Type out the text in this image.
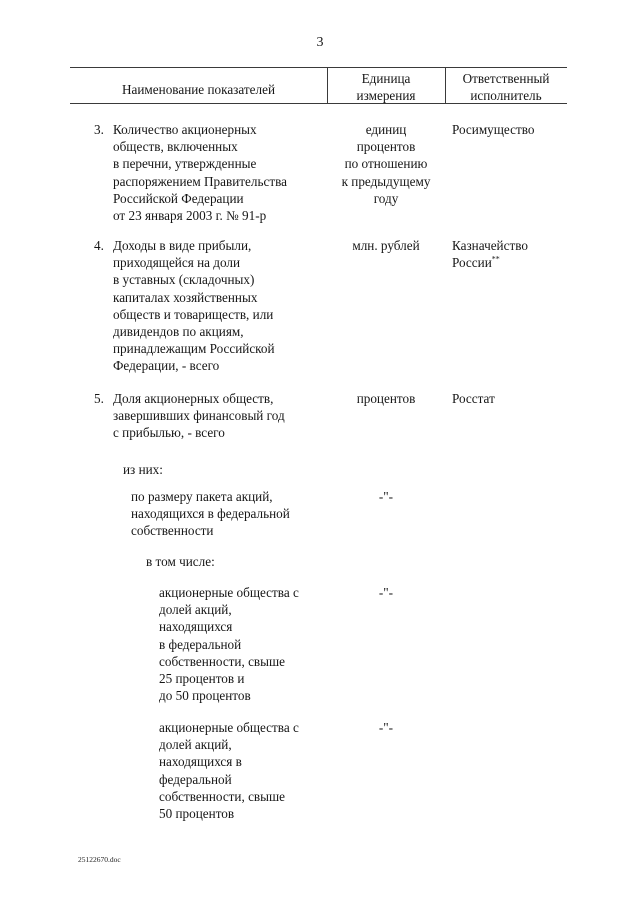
3
Наименование показателей
Единица
измерения
Ответственный
исполнитель
3. Количество акционерных
обществ, включенных
в перечни, утвержденные
распоряжением Правительства
Российской Федерации
от 23 января 2003 г. № 91-р
единиц
процентов
по отношению
к предыдущему
году
Росимущество
4. Доходы в виде прибыли,
приходящейся на доли
в уставных (складочных)
капиталах хозяйственных
обществ и товариществ, или
дивидендов по акциям,
принадлежащим Российской
Федерации, - всего
млн. рублей	Казначейство
России**
5. Доля акционерных обществ,
завершивших финансовый год
с прибылью, - всего
процентов	Росстат
из них:
по размеру пакета акций,
находящихся в федеральной
собственности
-"-
в том числе:
акционерные общества с
долей акций,
находящихся
в федеральной
собственности, свыше
25 процентов и
до 50 процентов
-"-
акционерные общества с
долей акций,
находящихся в
федеральной
собственности, свыше
50 процентов
-"-
25122670.doc
